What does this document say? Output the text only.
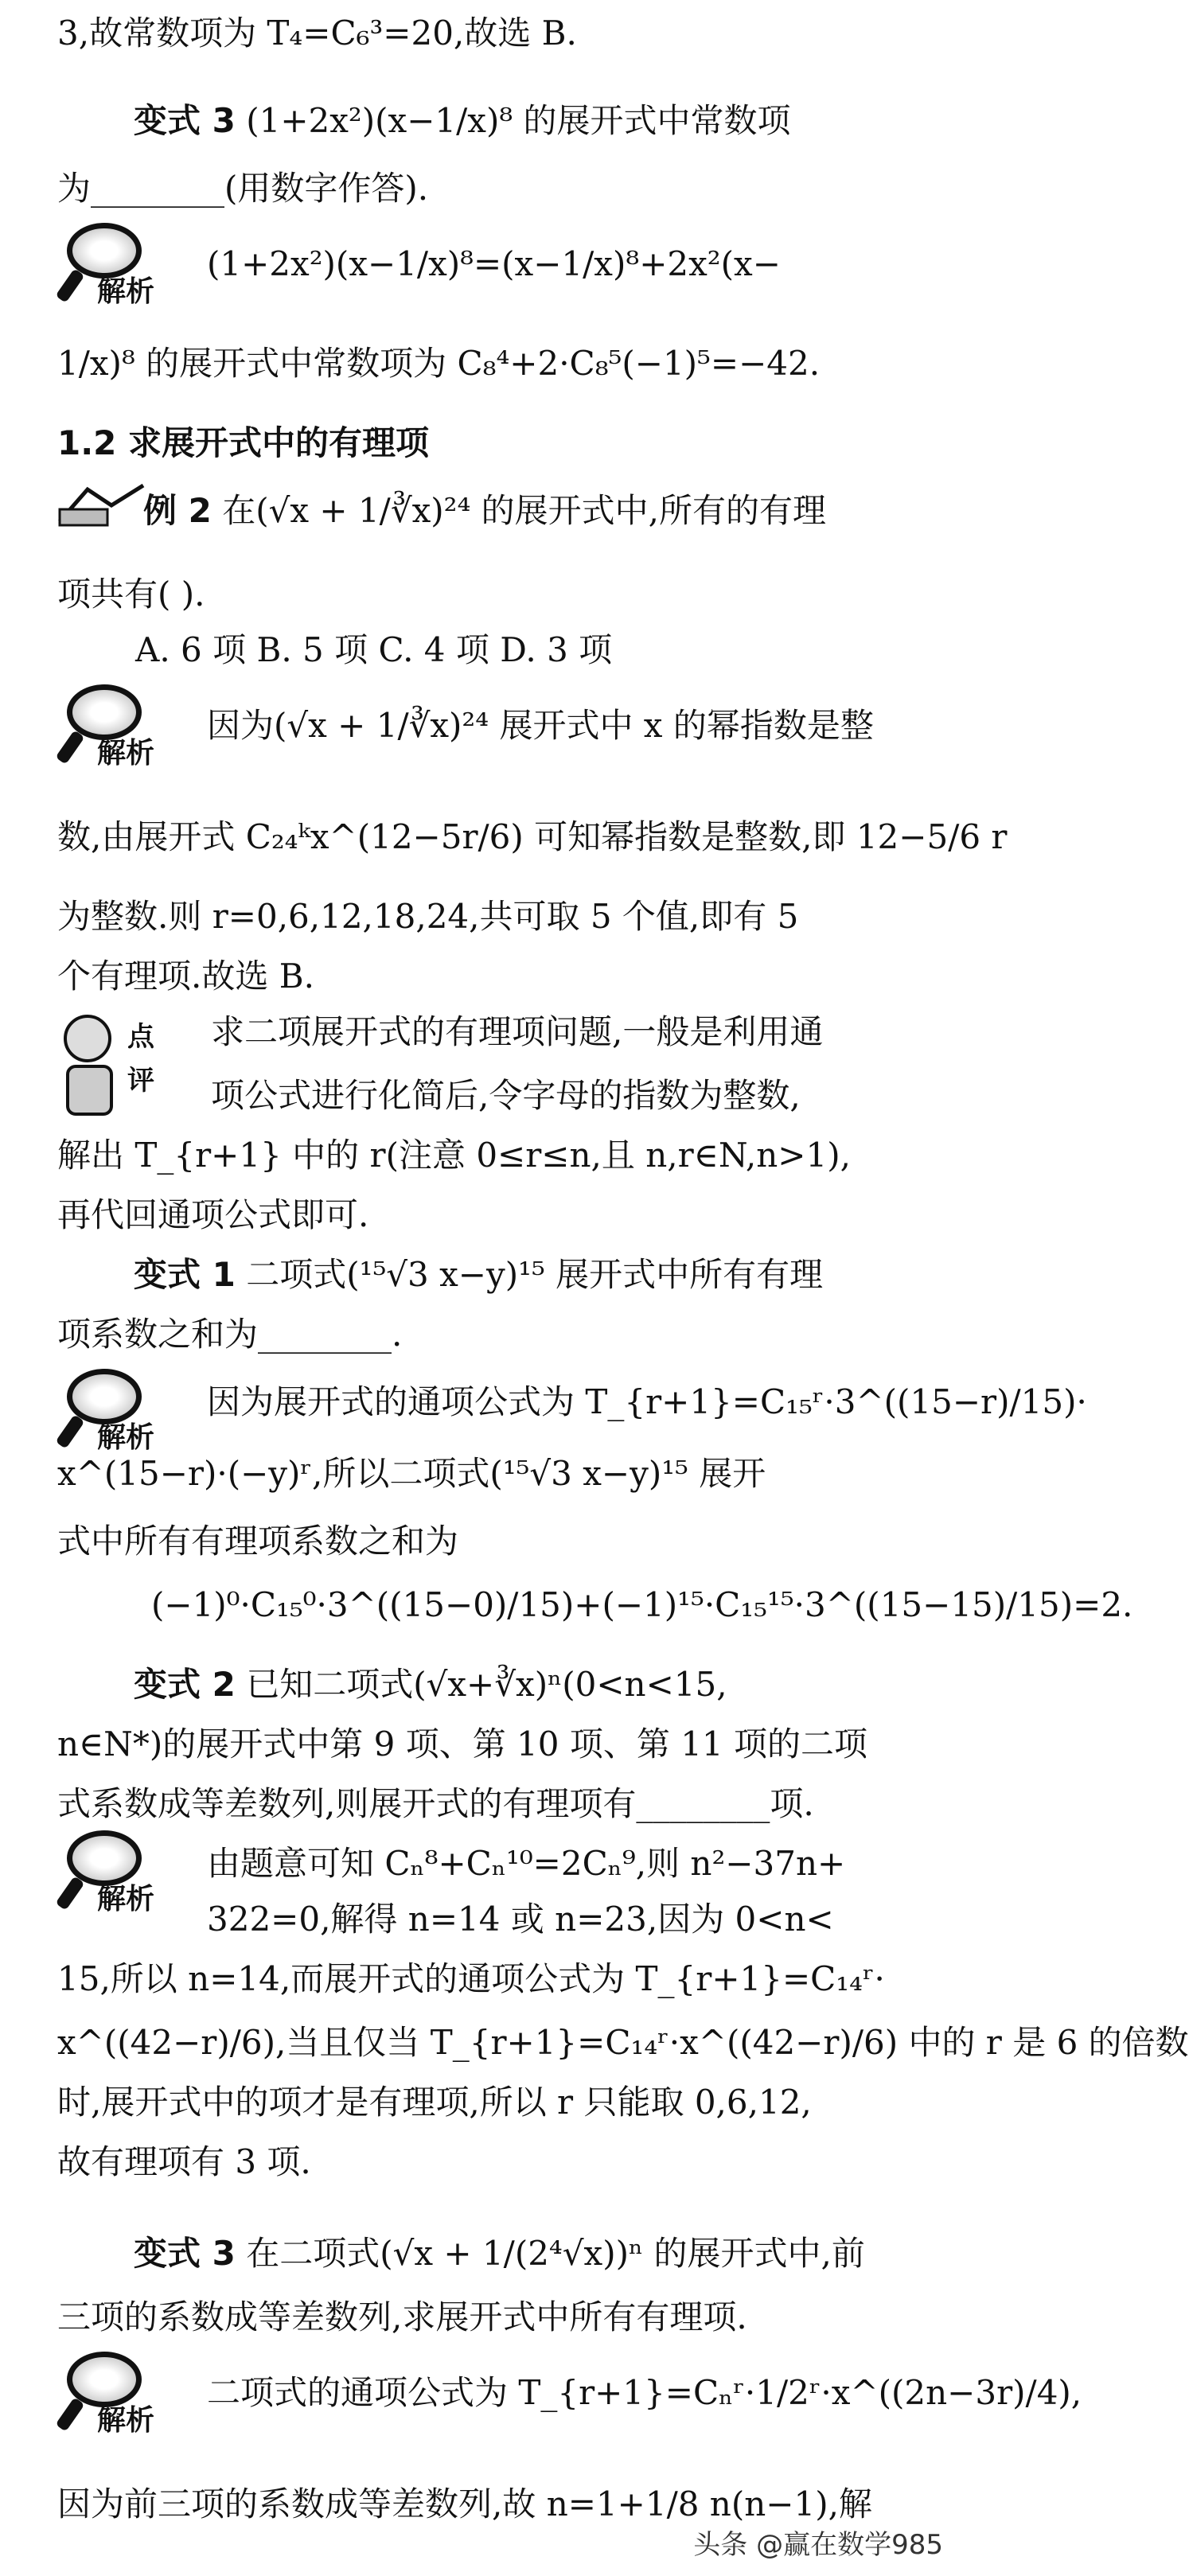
3,故常数项为 T₄=C₆³=20,故选 B.
变式 3 (1+2x²)(x−1/x)⁸ 的展开式中常数项
为________(用数字作答).
解析
(1+2x²)(x−1/x)⁸=(x−1/x)⁸+2x²(x−
1/x)⁸ 的展开式中常数项为 C₈⁴+2·C₈⁵(−1)⁵=−42.
1.2 求展开式中的有理项
例 2 在(√x + 1/∛x)²⁴ 的展开式中,所有的有理
项共有( ).
A. 6 项 B. 5 项 C. 4 项 D. 3 项
解析
因为(√x + 1/∛x)²⁴ 展开式中 x 的幂指数是整
数,由展开式 C₂₄ᵏx^(12−5r/6) 可知幂指数是整数,即 12−5/6 r
为整数.则 r=0,6,12,18,24,共可取 5 个值,即有 5
个有理项.故选 B.
点
评
求二项展开式的有理项问题,一般是利用通
项公式进行化简后,令字母的指数为整数,
解出 T_{r+1} 中的 r(注意 0≤r≤n,且 n,r∈N,n>1),
再代回通项公式即可.
变式 1 二项式(¹⁵√3 x−y)¹⁵ 展开式中所有有理
项系数之和为________.
解析
因为展开式的通项公式为 T_{r+1}=C₁₅ʳ·3^((15−r)/15)·
x^(15−r)·(−y)ʳ,所以二项式(¹⁵√3 x−y)¹⁵ 展开
式中所有有理项系数之和为
(−1)⁰·C₁₅⁰·3^((15−0)/15)+(−1)¹⁵·C₁₅¹⁵·3^((15−15)/15)=2.
变式 2 已知二项式(√x+∛x)ⁿ(0<n<15,
n∈N*)的展开式中第 9 项、第 10 项、第 11 项的二项
式系数成等差数列,则展开式的有理项有________项.
解析
由题意可知 Cₙ⁸+Cₙ¹⁰=2Cₙ⁹,则 n²−37n+
322=0,解得 n=14 或 n=23,因为 0<n<
15,所以 n=14,而展开式的通项公式为 T_{r+1}=C₁₄ʳ·
x^((42−r)/6),当且仅当 T_{r+1}=C₁₄ʳ·x^((42−r)/6) 中的 r 是 6 的倍数
时,展开式中的项才是有理项,所以 r 只能取 0,6,12,
故有理项有 3 项.
变式 3 在二项式(√x + 1/(2⁴√x))ⁿ 的展开式中,前
三项的系数成等差数列,求展开式中所有有理项.
解析
二项式的通项公式为 T_{r+1}=Cₙʳ·1/2ʳ·x^((2n−3r)/4),
因为前三项的系数成等差数列,故 n=1+1/8 n(n−1),解
头条 @赢在数学985
